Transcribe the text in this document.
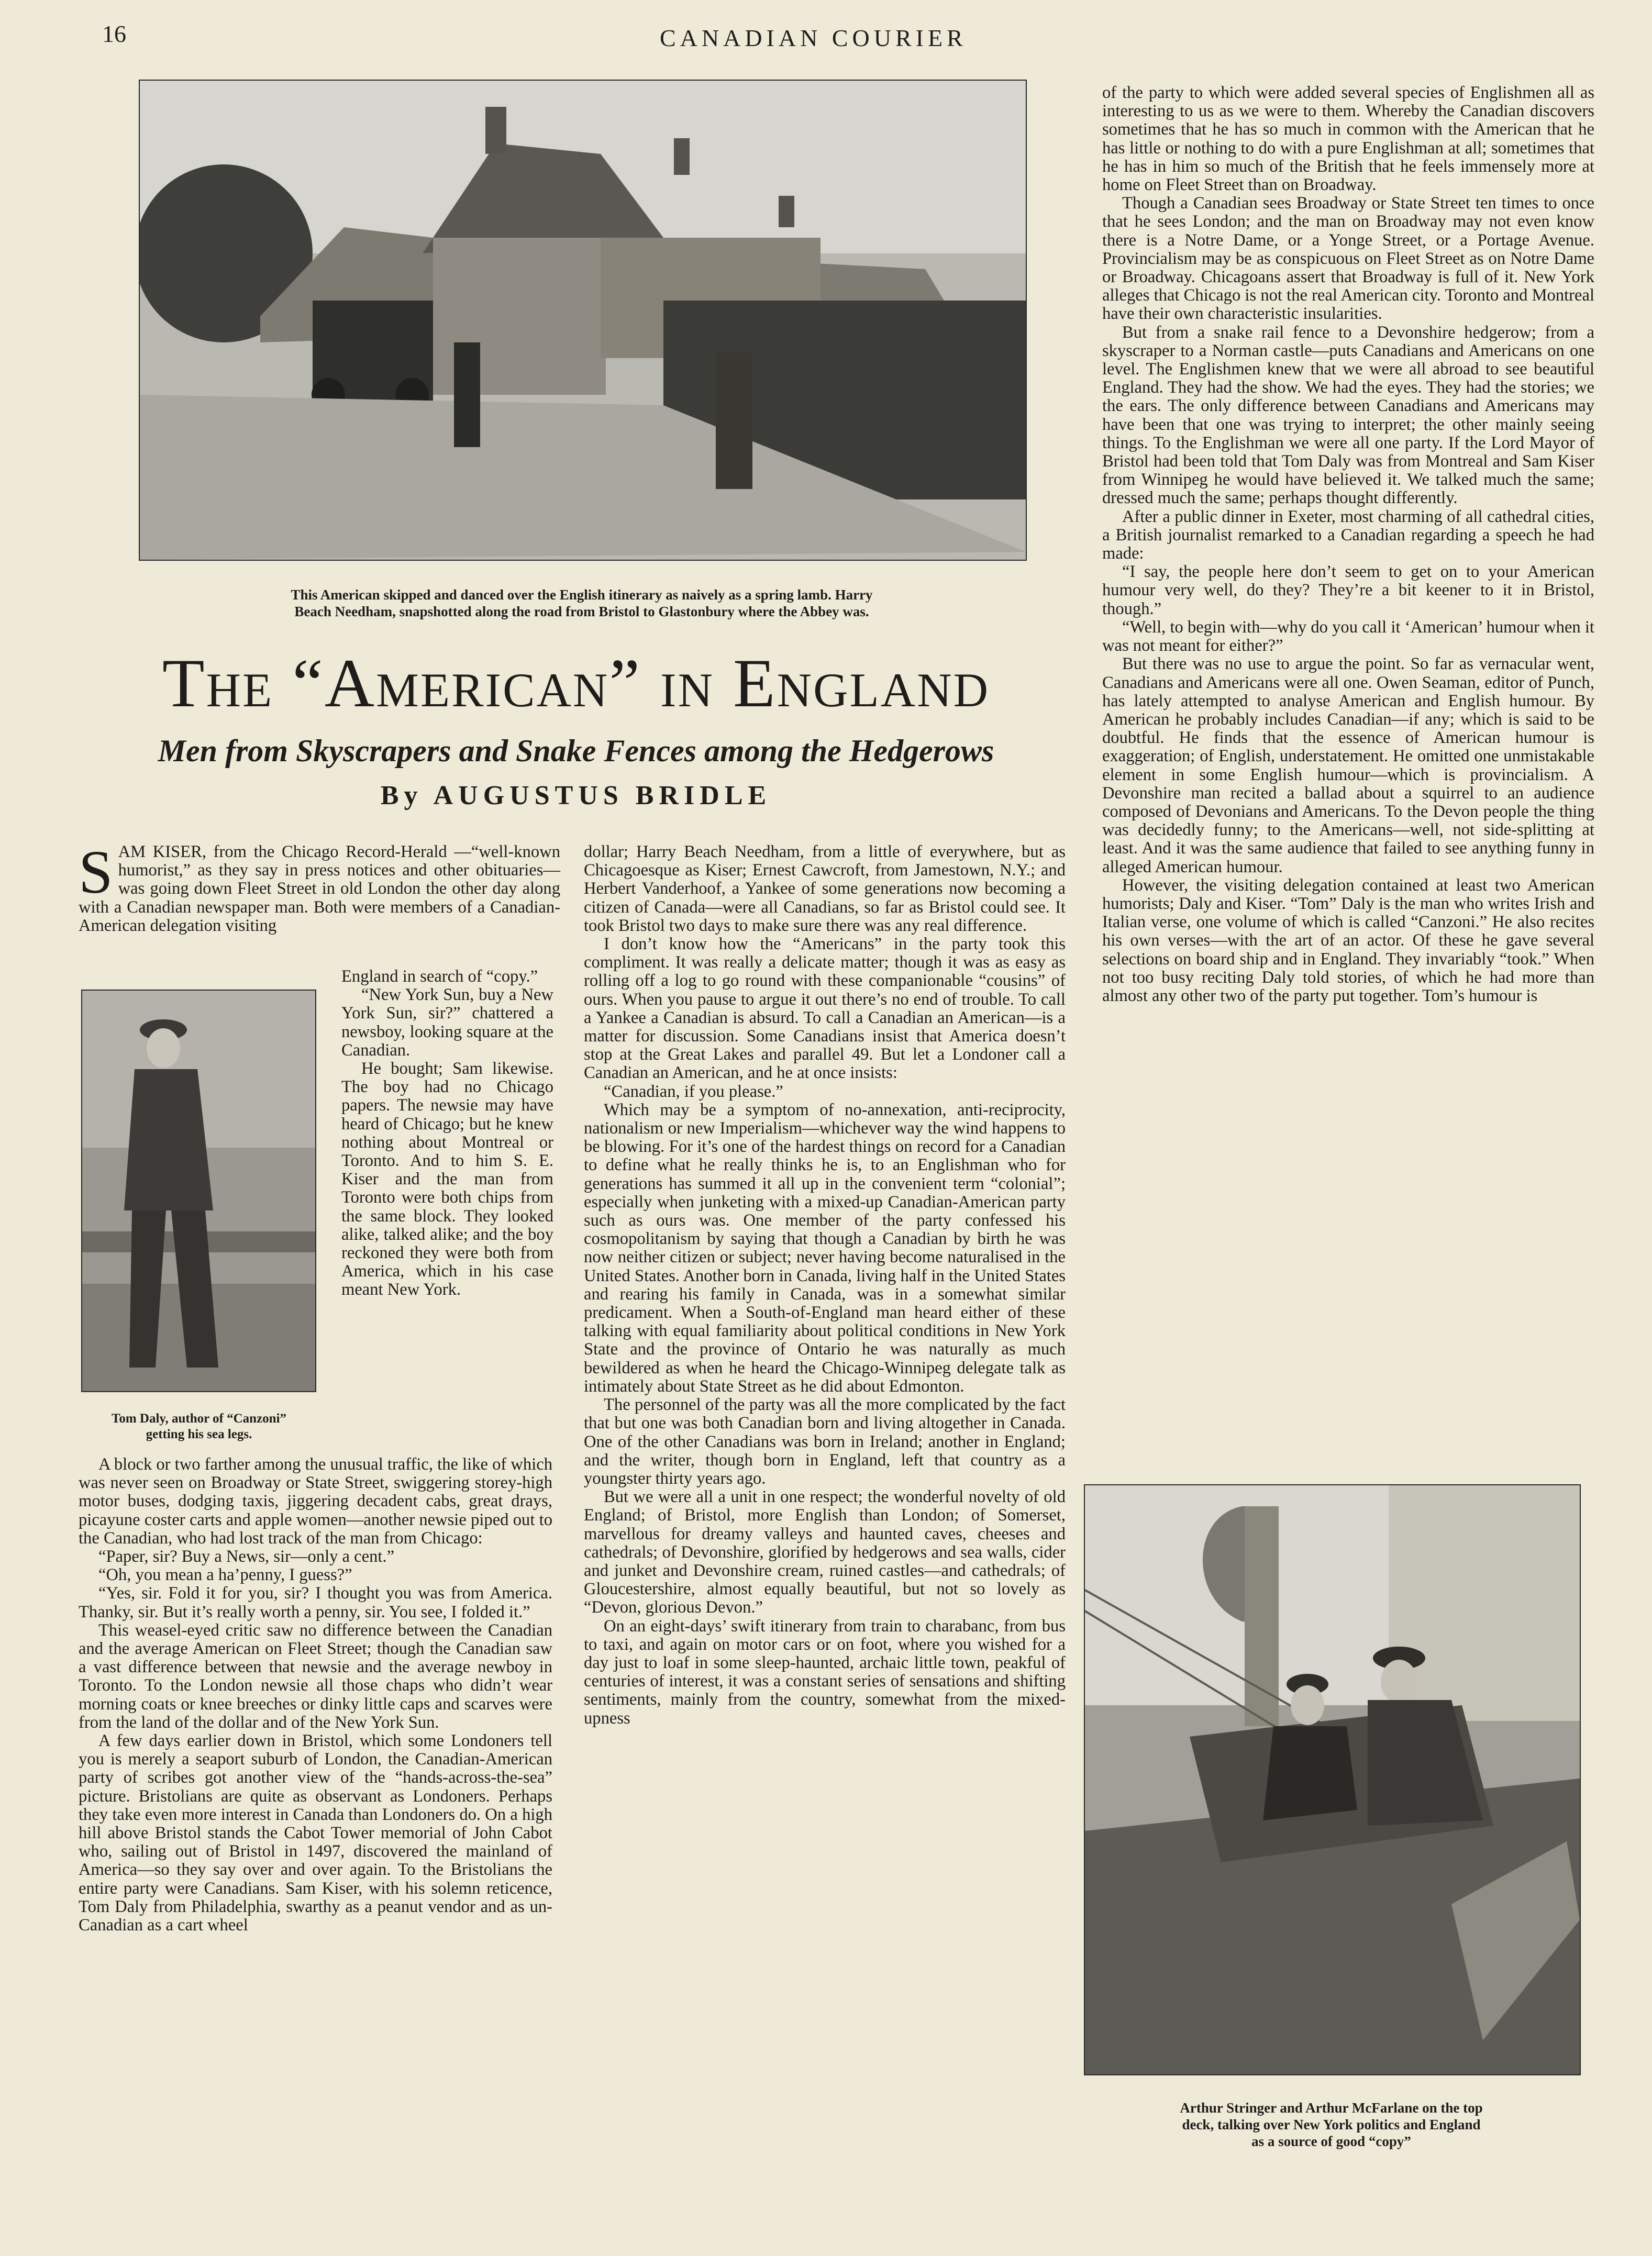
16	CANADIAN COURIER
This American skipped and danced over the English itinerary as naively as a spring lamb. Harry
Beach Needham, snapshotted along the road from Bristol to Glastonbury where the Abbey was.
The “American” in England
Men from Skyscrapers and Snake Fences among the Hedgerows
By AUGUSTUS BRIDLE

SAM KISER, from the Chicago Record-Herald —“well-known humorist,” as they say in press notices and other obituaries—was going down Fleet Street in old London the other day along with a Canadian newspaper man. Both were members of a Canadian-American delegation visiting

Tom Daly, author of “Canzoni”
getting his sea legs.

England in search of “copy.”

“New York Sun, buy a New York Sun, sir?” chattered a newsboy, looking square at the Canadian.

He bought; Sam likewise. The boy had no Chicago papers. The newsie may have heard of Chicago; but he knew nothing about Montreal or Toronto. And to him S. E. Kiser and the man from Toronto were both chips from the same block. They looked alike, talked alike; and the boy reckoned they were both from America, which in his case meant New York.

A block or two farther among the unusual traffic, the like of which was never seen on Broadway or State Street, swiggering storey-high motor buses, dodging taxis, jiggering decadent cabs, great drays, picayune coster carts and apple women—another newsie piped out to the Canadian, who had lost track of the man from Chicago:

“Paper, sir? Buy a News, sir—only a cent.”

“Oh, you mean a ha’penny, I guess?”

“Yes, sir. Fold it for you, sir? I thought you was from America. Thanky, sir. But it’s really worth a penny, sir. You see, I folded it.”

This weasel-eyed critic saw no difference between the Canadian and the average American on Fleet Street; though the Canadian saw a vast difference between that newsie and the average newboy in Toronto. To the London newsie all those chaps who didn’t wear morning coats or knee breeches or dinky little caps and scarves were from the land of the dollar and of the New York Sun.

A few days earlier down in Bristol, which some Londoners tell you is merely a seaport suburb of London, the Canadian-American party of scribes got another view of the “hands-across-the-sea” picture. Bristolians are quite as observant as Londoners. Perhaps they take even more interest in Canada than Londoners do. On a high hill above Bristol stands the Cabot Tower memorial of John Cabot who, sailing out of Bristol in 1497, discovered the mainland of America—so they say over and over again. To the Bristolians the entire party were Canadians. Sam Kiser, with his solemn reticence, Tom Daly from Philadelphia, swarthy as a peanut vendor and as un-Canadian as a cart wheel

dollar; Harry Beach Needham, from a little of everywhere, but as Chicagoesque as Kiser; Ernest Cawcroft, from Jamestown, N.Y.; and Herbert Vanderhoof, a Yankee of some generations now becoming a citizen of Canada—were all Canadians, so far as Bristol could see. It took Bristol two days to make sure there was any real difference.

I don’t know how the “Americans” in the party took this compliment. It was really a delicate matter; though it was as easy as rolling off a log to go round with these companionable “cousins” of ours. When you pause to argue it out there’s no end of trouble. To call a Yankee a Canadian is absurd. To call a Canadian an American—is a matter for discussion. Some Canadians insist that America doesn’t stop at the Great Lakes and parallel 49. But let a Londoner call a Canadian an American, and he at once insists:

“Canadian, if you please.”

Which may be a symptom of no-annexation, anti-reciprocity, nationalism or new Imperialism—whichever way the wind happens to be blowing. For it’s one of the hardest things on record for a Canadian to define what he really thinks he is, to an Englishman who for generations has summed it all up in the convenient term “colonial”; especially when junketing with a mixed-up Canadian-American party such as ours was. One member of the party confessed his cosmopolitanism by saying that though a Canadian by birth he was now neither citizen or subject; never having become naturalised in the United States. Another born in Canada, living half in the United States and rearing his family in Canada, was in a somewhat similar predicament. When a South-of-England man heard either of these talking with equal familiarity about political conditions in New York State and the province of Ontario he was naturally as much bewildered as when he heard the Chicago-Winnipeg delegate talk as intimately about State Street as he did about Edmonton.

The personnel of the party was all the more complicated by the fact that but one was both Canadian born and living altogether in Canada. One of the other Canadians was born in Ireland; another in England; and the writer, though born in England, left that country as a youngster thirty years ago.

But we were all a unit in one respect; the wonderful novelty of old England; of Bristol, more English than London; of Somerset, marvellous for dreamy valleys and haunted caves, cheeses and cathedrals; of Devonshire, glorified by hedgerows and sea walls, cider and junket and Devonshire cream, ruined castles—and cathedrals; of Gloucestershire, almost equally beautiful, but not so lovely as “Devon, glorious Devon.”

On an eight-days’ swift itinerary from train to charabanc, from bus to taxi, and again on motor cars or on foot, where you wished for a day just to loaf in some sleep-haunted, archaic little town, peakful of centuries of interest, it was a constant series of sensations and shifting sentiments, mainly from the country, somewhat from the mixed-upness

of the party to which were added several species of Englishmen all as interesting to us as we were to them. Whereby the Canadian discovers sometimes that he has so much in common with the American that he has little or nothing to do with a pure Englishman at all; sometimes that he has in him so much of the British that he feels immensely more at home on Fleet Street than on Broadway.

Though a Canadian sees Broadway or State Street ten times to once that he sees London; and the man on Broadway may not even know there is a Notre Dame, or a Yonge Street, or a Portage Avenue. Provincialism may be as conspicuous on Fleet Street as on Notre Dame or Broadway. Chicagoans assert that Broadway is full of it. New York alleges that Chicago is not the real American city. Toronto and Montreal have their own characteristic insularities.

But from a snake rail fence to a Devonshire hedgerow; from a skyscraper to a Norman castle—puts Canadians and Americans on one level. The Englishmen knew that we were all abroad to see beautiful England. They had the show. We had the eyes. They had the stories; we the ears. The only difference between Canadians and Americans may have been that one was trying to interpret; the other mainly seeing things. To the Englishman we were all one party. If the Lord Mayor of Bristol had been told that Tom Daly was from Montreal and Sam Kiser from Winnipeg he would have believed it. We talked much the same; dressed much the same; perhaps thought differently.

After a public dinner in Exeter, most charming of all cathedral cities, a British journalist remarked to a Canadian regarding a speech he had made:

“I say, the people here don’t seem to get on to your American humour very well, do they? They’re a bit keener to it in Bristol, though.”

“Well, to begin with—why do you call it ‘American’ humour when it was not meant for either?”

But there was no use to argue the point. So far as vernacular went, Canadians and Americans were all one. Owen Seaman, editor of Punch, has lately attempted to analyse American and English humour. By American he probably includes Canadian—if any; which is said to be doubtful. He finds that the essence of American humour is exaggeration; of English, understatement. He omitted one unmistakable element in some English humour—which is provincialism. A Devonshire man recited a ballad about a squirrel to an audience composed of Devonians and Americans. To the Devon people the thing was decidedly funny; to the Americans—well, not side-splitting at least. And it was the same audience that failed to see anything funny in alleged American humour.

However, the visiting delegation contained at least two American humorists; Daly and Kiser. “Tom” Daly is the man who writes Irish and Italian verse, one volume of which is called “Canzoni.” He also recites his own verses—with the art of an actor. Of these he gave several selections on board ship and in England. They invariably “took.” When not too busy reciting Daly told stories, of which he had more than almost any other two of the party put together. Tom’s humour is

Arthur Stringer and Arthur McFarlane on the top
deck, talking over New York politics and England
as a source of good “copy”
